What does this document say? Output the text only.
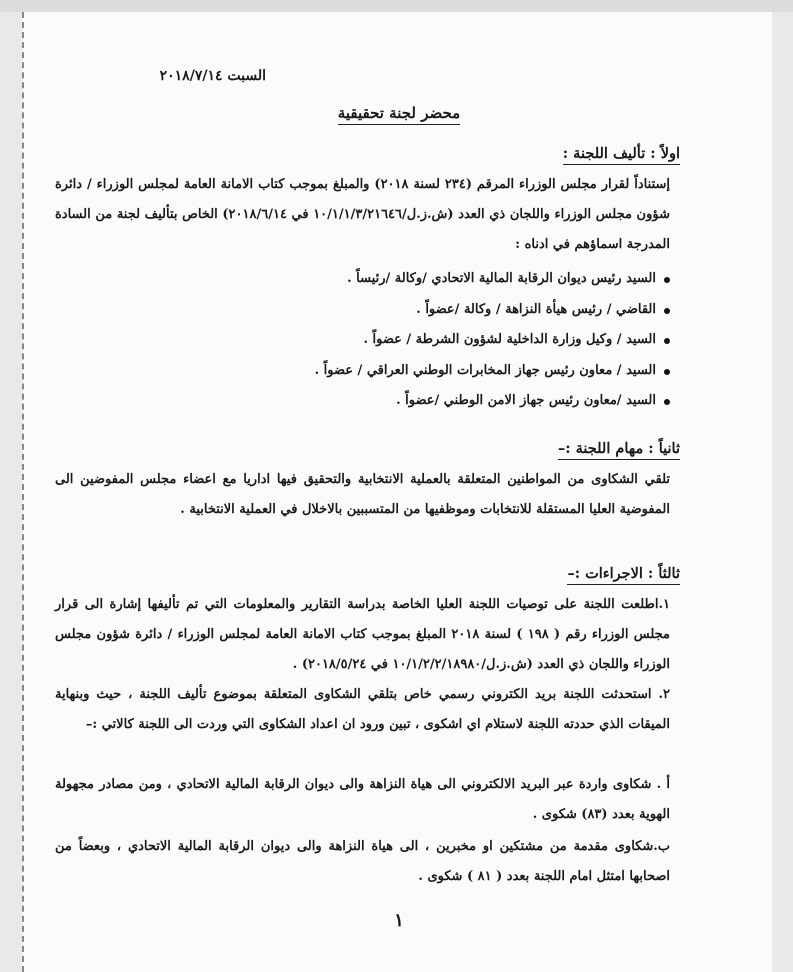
السبت ٢٠١٨/٧/١٤
محضر لجنة تحقيقية
اولاً : تأليف اللجنة :
إستناداً لقرار مجلس الوزراء المرقم (٢٣٤ لسنة ٢٠١٨) والمبلغ بموجب كتاب الامانة العامة لمجلس الوزراء / دائرة شؤون مجلس الوزراء واللجان ذي العدد (ش.ز.ل/١٠/١/١/٣/٢١٦٤٦ في ٢٠١٨/٦/١٤) الخاص بتأليف لجنة من السادة المدرجة اسماؤهم في ادناه :
السيد رئيس ديوان الرقابة المالية الاتحادي /وكالة /رئيساً .
القاضي / رئيس هيأة النزاهة / وكالة /عضواً .
السيد / وكيل وزارة الداخلية لشؤون الشرطة / عضواً .
السيد / معاون رئيس جهاز المخابرات الوطني العراقي / عضواً .
السيد /معاون رئيس جهاز الامن الوطني /عضواً .
ثانياً : مهام اللجنة :–
تلقي الشكاوى من المواطنين المتعلقة بالعملية الانتخابية والتحقيق فيها اداريا مع اعضاء مجلس المفوضين الى المفوضية العليا المستقلة للانتخابات وموظفيها من المتسببين بالاخلال في العملية الانتخابية .
ثالثاً : الاجراءات :–
١.اطلعت اللجنة على توصيات اللجنة العليا الخاصة بدراسة التقارير والمعلومات التي تم تأليفها إشارة الى قرار مجلس الوزراء رقم ( ١٩٨ ) لسنة ٢٠١٨ المبلغ بموجب كتاب الامانة العامة لمجلس الوزراء / دائرة شؤون مجلس الوزراء واللجان ذي العدد (ش.ز.ل/١٠/١/٢/٢/١٨٩٨٠ في ٢٠١٨/٥/٢٤) .
٢. استحدثت اللجنة بريد الكتروني رسمي خاص بتلقي الشكاوى المتعلقة بموضوع تأليف اللجنة ، حيث وبنهاية الميقات الذي حددته اللجنة لاستلام اي اشكوى ، تبين ورود ان اعداد الشكاوى التي وردت الى اللجنة كالاتي :–
أ . شكاوى واردة عبر البريد الالكتروني الى هياة النزاهة والى ديوان الرقابة المالية الاتحادي ، ومن مصادر مجهولة الهوية بعدد (٨٣) شكوى .
ب.شكاوى مقدمة من مشتكين او مخبرين ، الى هياة النزاهة والى ديوان الرقابة المالية الاتحادي ، وبعضاً من اصحابها امتثل امام اللجنة بعدد ( ٨١ ) شكوى .
١
